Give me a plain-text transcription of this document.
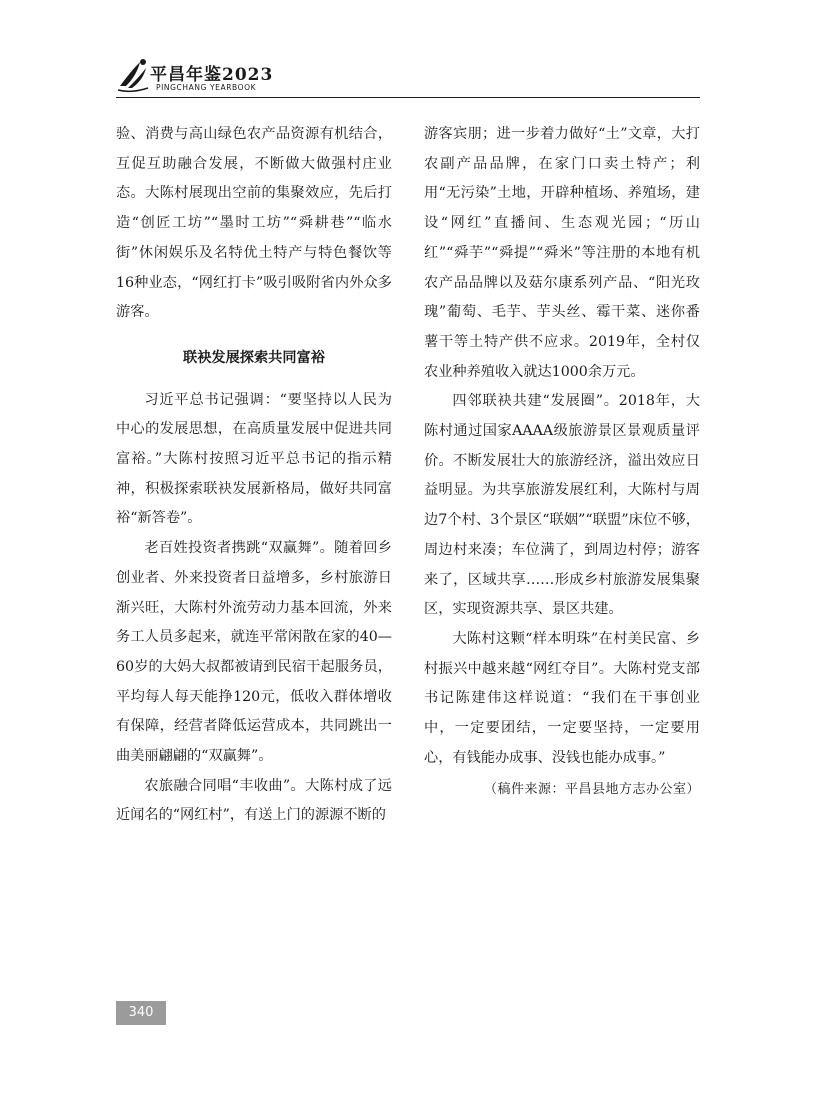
平昌年鉴2023
PINGCHANG YEARBOOK

验、消费与高山绿色农产品资源有机结合，互促互助融合发展，不断做大做强村庄业态。大陈村展现出空前的集聚效应，先后打造“创匠工坊”“墨时工坊”“舜耕巷”“临水街”休闲娱乐及名特优土特产与特色餐饮等16种业态，“网红打卡”吸引吸附省内外众多游客。

联袂发展探索共同富裕

习近平总书记强调：“要坚持以人民为中心的发展思想，在高质量发展中促进共同富裕。”大陈村按照习近平总书记的指示精神，积极探索联袂发展新格局，做好共同富裕“新答卷”。

老百姓投资者携跳“双赢舞”。随着回乡创业者、外来投资者日益增多，乡村旅游日渐兴旺，大陈村外流劳动力基本回流，外来务工人员多起来，就连平常闲散在家的40—60岁的大妈大叔都被请到民宿干起服务员，平均每人每天能挣120元，低收入群体增收有保障，经营者降低运营成本，共同跳出一曲美丽翩翩的“双赢舞”。

农旅融合同唱“丰收曲”。大陈村成了远近闻名的“网红村”，有送上门的源源不断的

游客宾朋；进一步着力做好“土”文章，大打农副产品品牌，在家门口卖土特产；利用“无污染”土地，开辟种植场、养殖场，建设“网红”直播间、生态观光园；“历山红”“舜芋”“舜提”“舜米”等注册的本地有机农产品品牌以及菇尔康系列产品、“阳光玫瑰”葡萄、毛芋、芋头丝、霉干菜、迷你番薯干等土特产供不应求。2019年，全村仅农业种养殖收入就达1000余万元。

四邻联袂共建“发展圈”。2018年，大陈村通过国家AAAA级旅游景区景观质量评价。不断发展壮大的旅游经济，溢出效应日益明显。为共享旅游发展红利，大陈村与周边7个村、3个景区“联姻”“联盟”床位不够，周边村来凑；车位满了，到周边村停；游客来了，区域共享……形成乡村旅游发展集聚区，实现资源共享、景区共建。

大陈村这颗“样本明珠”在村美民富、乡村振兴中越来越“网红夺目”。大陈村党支部书记陈建伟这样说道：“我们在干事创业中，一定要团结，一定要坚持，一定要用心，有钱能办成事、没钱也能办成事。”

（稿件来源：平昌县地方志办公室）

340
